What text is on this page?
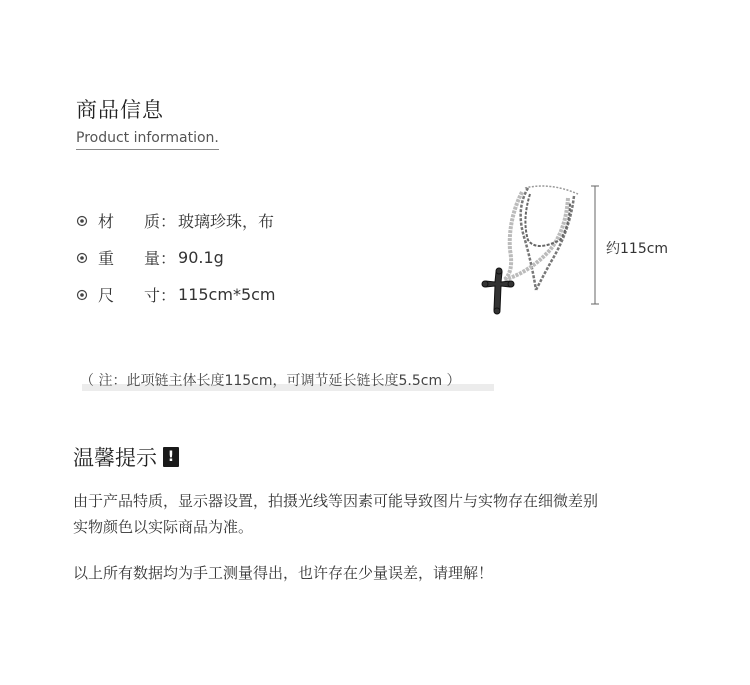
商品信息
Product information.
材 质 ： 玻璃珍珠，布
重 量 ： 90.1g
尺 寸 ： 115cm*5cm
约115cm
（ 注：此项链主体长度115cm，可调节延长链长度5.5cm ）
温馨提示 !
由于产品特质，显示器设置，拍摄光线等因素可能导致图片与实物存在细微差别
实物颜色以实际商品为准。
以上所有数据均为手工测量得出，也许存在少量误差，请理解！
